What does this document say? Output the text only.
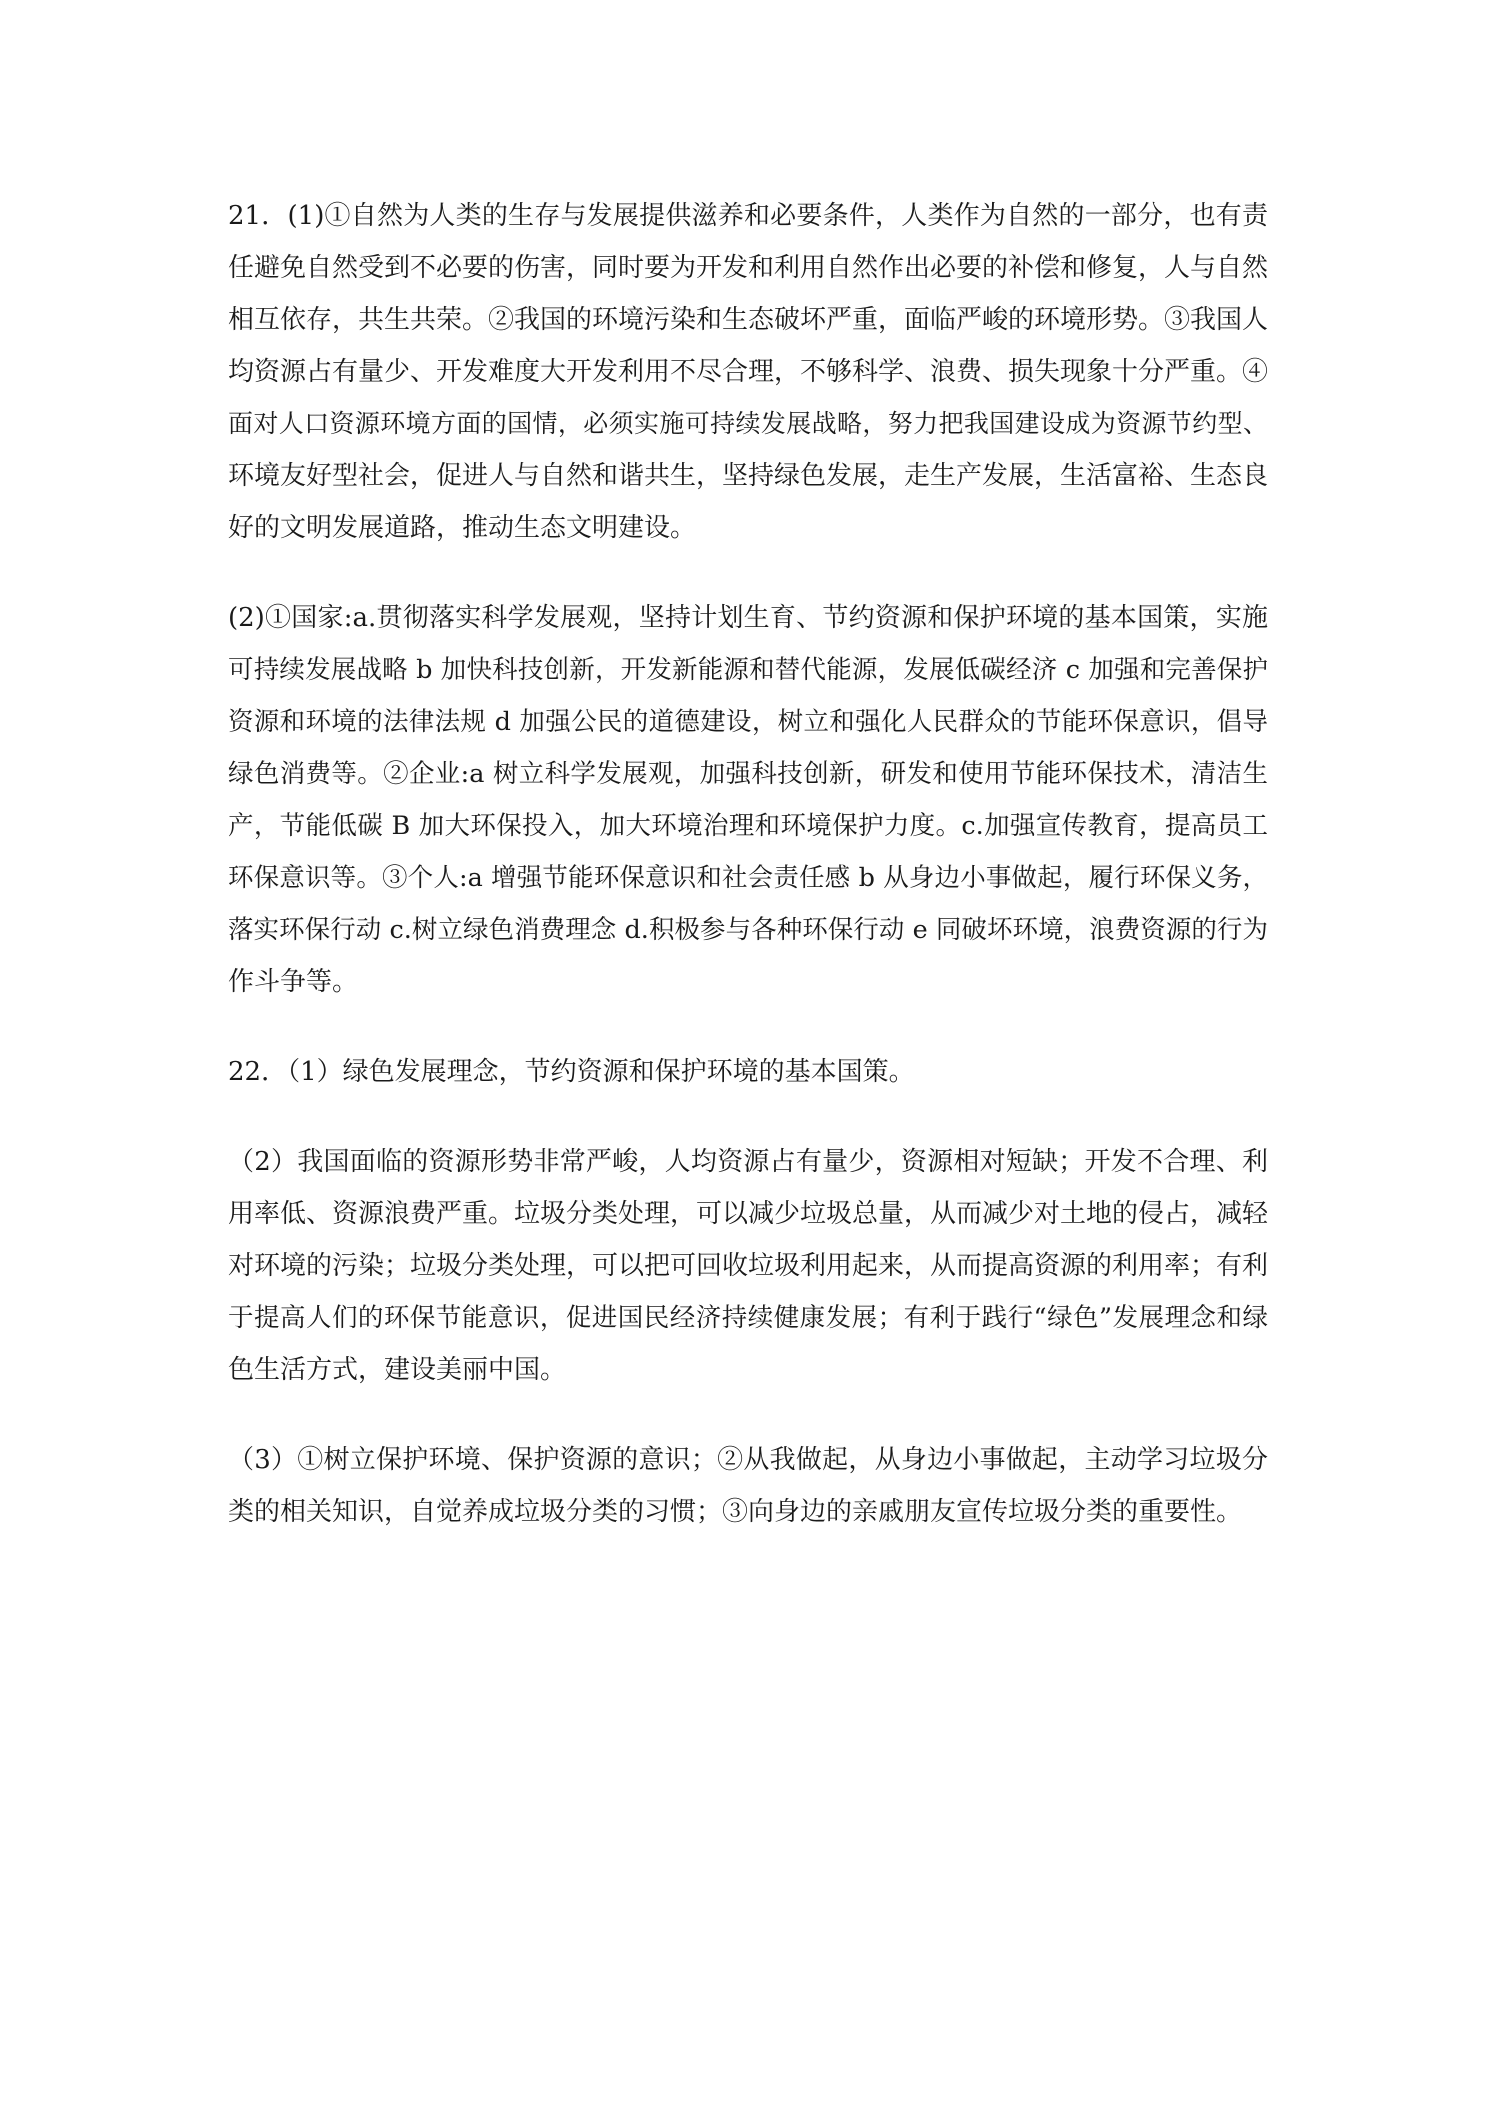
21．(1)①自然为人类的生存与发展提供滋养和必要条件，人类作为自然的一部分，也有责
任避免自然受到不必要的伤害，同时要为开发和利用自然作出必要的补偿和修复，人与自然
相互依存，共生共荣。②我国的环境污染和生态破坏严重，面临严峻的环境形势。③我国人
均资源占有量少、开发难度大开发利用不尽合理，不够科学、浪费、损失现象十分严重。④
面对人口资源环境方面的国情，必须实施可持续发展战略，努力把我国建设成为资源节约型、
环境友好型社会，促进人与自然和谐共生，坚持绿色发展，走生产发展，生活富裕、生态良
好的文明发展道路，推动生态文明建设。

(2)①国家:a.贯彻落实科学发展观，坚持计划生育、节约资源和保护环境的基本国策，实施
可持续发展战略 b 加快科技创新，开发新能源和替代能源，发展低碳经济 c 加强和完善保护
资源和环境的法律法规 d 加强公民的道德建设，树立和强化人民群众的节能环保意识，倡导
绿色消费等。②企业:a 树立科学发展观，加强科技创新，研发和使用节能环保技术，清洁生
产，节能低碳 B 加大环保投入，加大环境治理和环境保护力度。c.加强宣传教育，提高员工
环保意识等。③个人:a 增强节能环保意识和社会责任感 b 从身边小事做起，履行环保义务，
落实环保行动 c.树立绿色消费理念 d.积极参与各种环保行动 e 同破坏环境，浪费资源的行为
作斗争等。

22．（1）绿色发展理念，节约资源和保护环境的基本国策。

（2）我国面临的资源形势非常严峻，人均资源占有量少，资源相对短缺；开发不合理、利
用率低、资源浪费严重。垃圾分类处理，可以减少垃圾总量，从而减少对土地的侵占，减轻
对环境的污染；垃圾分类处理，可以把可回收垃圾利用起来，从而提高资源的利用率；有利
于提高人们的环保节能意识，促进国民经济持续健康发展；有利于践行“绿色”发展理念和绿
色生活方式，建设美丽中国。

（3）①树立保护环境、保护资源的意识；②从我做起，从身边小事做起，主动学习垃圾分
类的相关知识，自觉养成垃圾分类的习惯；③向身边的亲戚朋友宣传垃圾分类的重要性。
